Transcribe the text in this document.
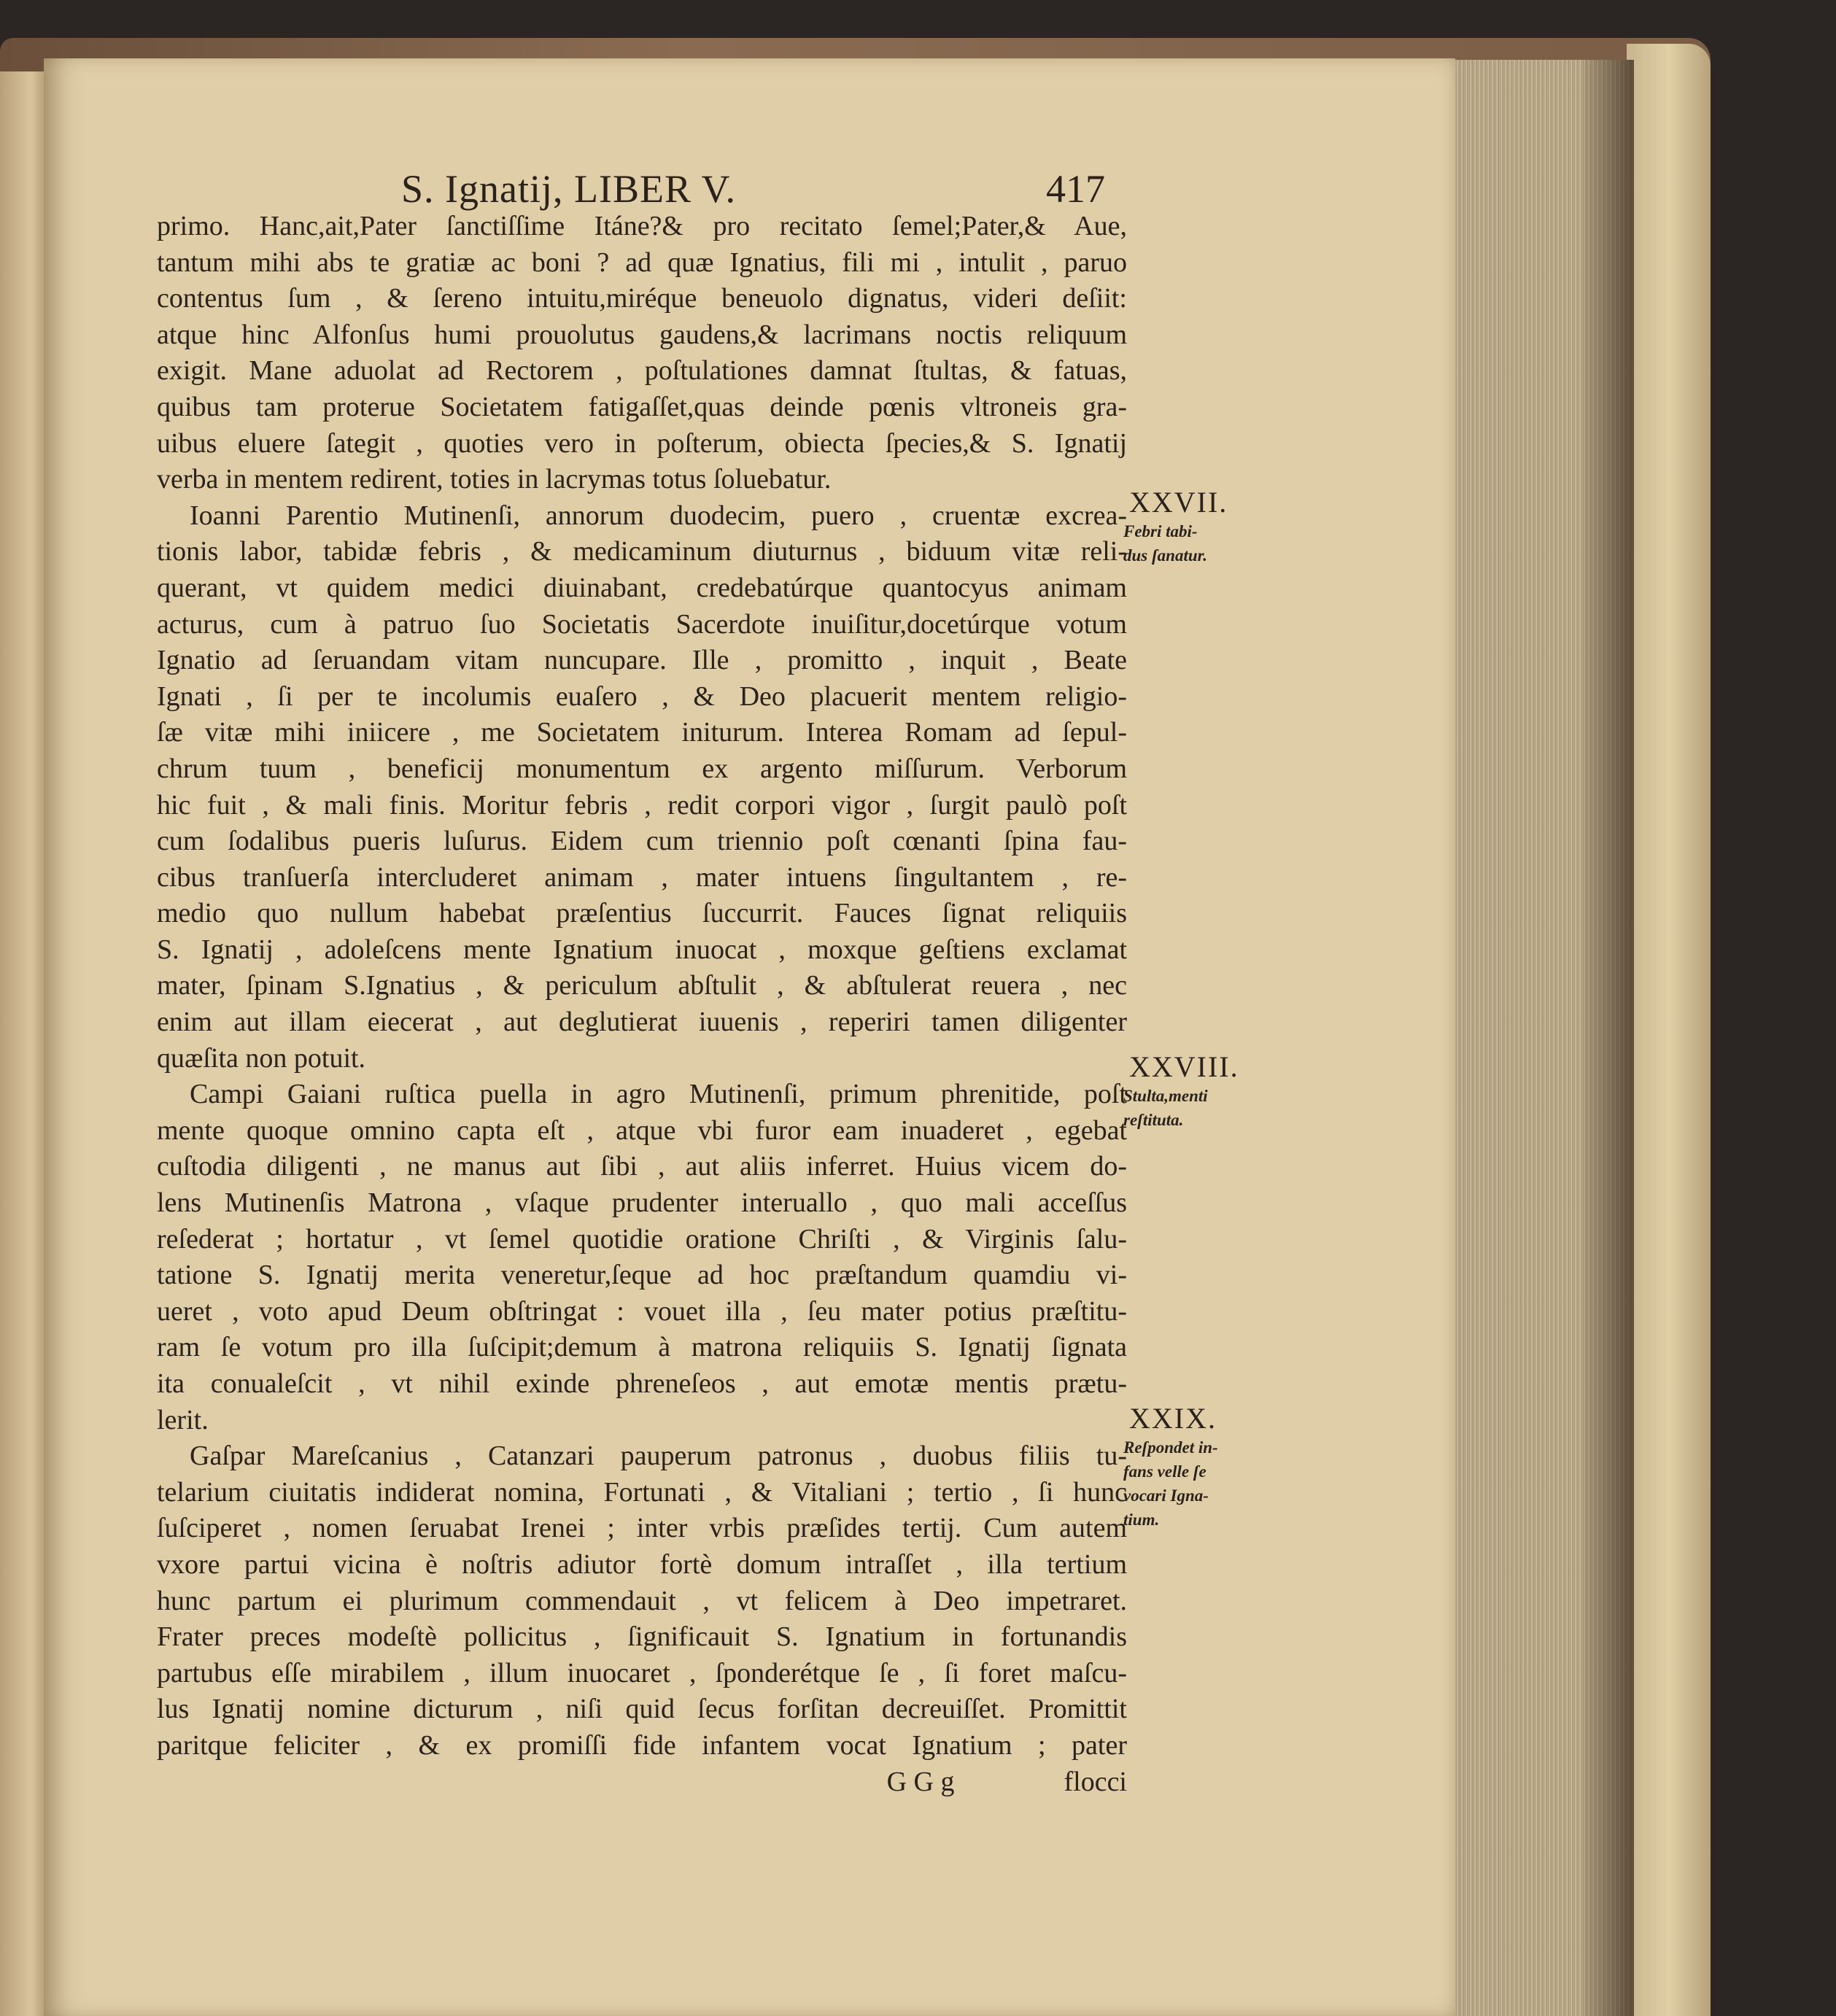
S. Ignatij, LIBER V.	417
primo. Hanc,ait,Pater ſanctiſſime Itáne?& pro recitato ſemel;Pater,& Aue,
tantum mihi abs te gratiæ ac boni ? ad quæ Ignatius, fili mi , intulit , paruo
contentus ſum , & ſereno intuitu,miréque beneuolo dignatus, videri deſiit:
atque hinc Alfonſus humi prouolutus gaudens,& lacrimans noctis reliquum
exigit. Mane aduolat ad Rectorem , poſtulationes damnat ſtultas, & fatuas,
quibus tam proterue Societatem fatigaſſet,quas deinde pœnis vltroneis gra-
uibus eluere ſategit , quoties vero in poſterum, obiecta ſpecies,& S. Ignatij
verba in mentem redirent, toties in lacrymas totus ſoluebatur.
Ioanni Parentio Mutinenſi, annorum duodecim, puero , cruentæ excrea-
tionis labor, tabidæ febris , & medicaminum diuturnus , biduum vitæ reli-
querant, vt quidem medici diuinabant, credebatúrque quantocyus animam
acturus, cum à patruo ſuo Societatis Sacerdote inuiſitur,docetúrque votum
Ignatio ad ſeruandam vitam nuncupare. Ille , promitto , inquit , Beate
Ignati , ſi per te incolumis euaſero , & Deo placuerit mentem religio-
ſæ vitæ mihi iniicere , me Societatem initurum. Interea Romam ad ſepul-
chrum tuum , beneficij monumentum ex argento miſſurum. Verborum
hic fuit , & mali finis. Moritur febris , redit corpori vigor , ſurgit paulò poſt
cum ſodalibus pueris luſurus. Eidem cum triennio poſt cœnanti ſpina fau-
cibus tranſuerſa intercluderet animam , mater intuens ſingultantem , re-
medio quo nullum habebat præſentius ſuccurrit. Fauces ſignat reliquiis
S. Ignatij , adoleſcens mente Ignatium inuocat , moxque geſtiens exclamat
mater, ſpinam S.Ignatius , & periculum abſtulit , & abſtulerat reuera , nec
enim aut illam eiecerat , aut deglutierat iuuenis , reperiri tamen diligenter
quæſita non potuit.
Campi Gaiani ruſtica puella in agro Mutinenſi, primum phrenitide, poſt
mente quoque omnino capta eſt , atque vbi furor eam inuaderet , egebat
cuſtodia diligenti , ne manus aut ſibi , aut aliis inferret. Huius vicem do-
lens Mutinenſis Matrona , vſaque prudenter interuallo , quo mali acceſſus
reſederat ; hortatur , vt ſemel quotidie oratione Chriſti , & Virginis ſalu-
tatione S. Ignatij merita veneretur,ſeque ad hoc præſtandum quamdiu vi-
ueret , voto apud Deum obſtringat : vouet illa , ſeu mater potius præſtitu-
ram ſe votum pro illa ſuſcipit;demum à matrona reliquiis S. Ignatij ſignata
ita conualeſcit , vt nihil exinde phreneſeos , aut emotæ mentis prætu-
lerit.
Gaſpar Mareſcanius , Catanzari pauperum patronus , duobus filiis tu-
telarium ciuitatis indiderat nomina, Fortunati , & Vitaliani ; tertio , ſi hunc
ſuſciperet , nomen ſeruabat Irenei ; inter vrbis præſides tertij. Cum autem
vxore partui vicina è noſtris adiutor fortè domum intraſſet , illa tertium
hunc partum ei plurimum commendauit , vt felicem à Deo impetraret.
Frater preces modeſtè pollicitus , ſignificauit S. Ignatium in fortunandis
partubus eſſe mirabilem , illum inuocaret , ſponderétque ſe , ſi foret maſcu-
lus Ignatij nomine dicturum , niſi quid ſecus forſitan decreuiſſet. Promittit
paritque feliciter , & ex promiſſi fide infantem vocat Ignatium ; pater
G G g	flocci
XXVII.
Febri tabi-
dus ſanatur.
XXVIII.
Stulta,menti
reſtituta.
XXIX.
Reſpondet in-
fans velle ſe
vocari Igna-
tium.
